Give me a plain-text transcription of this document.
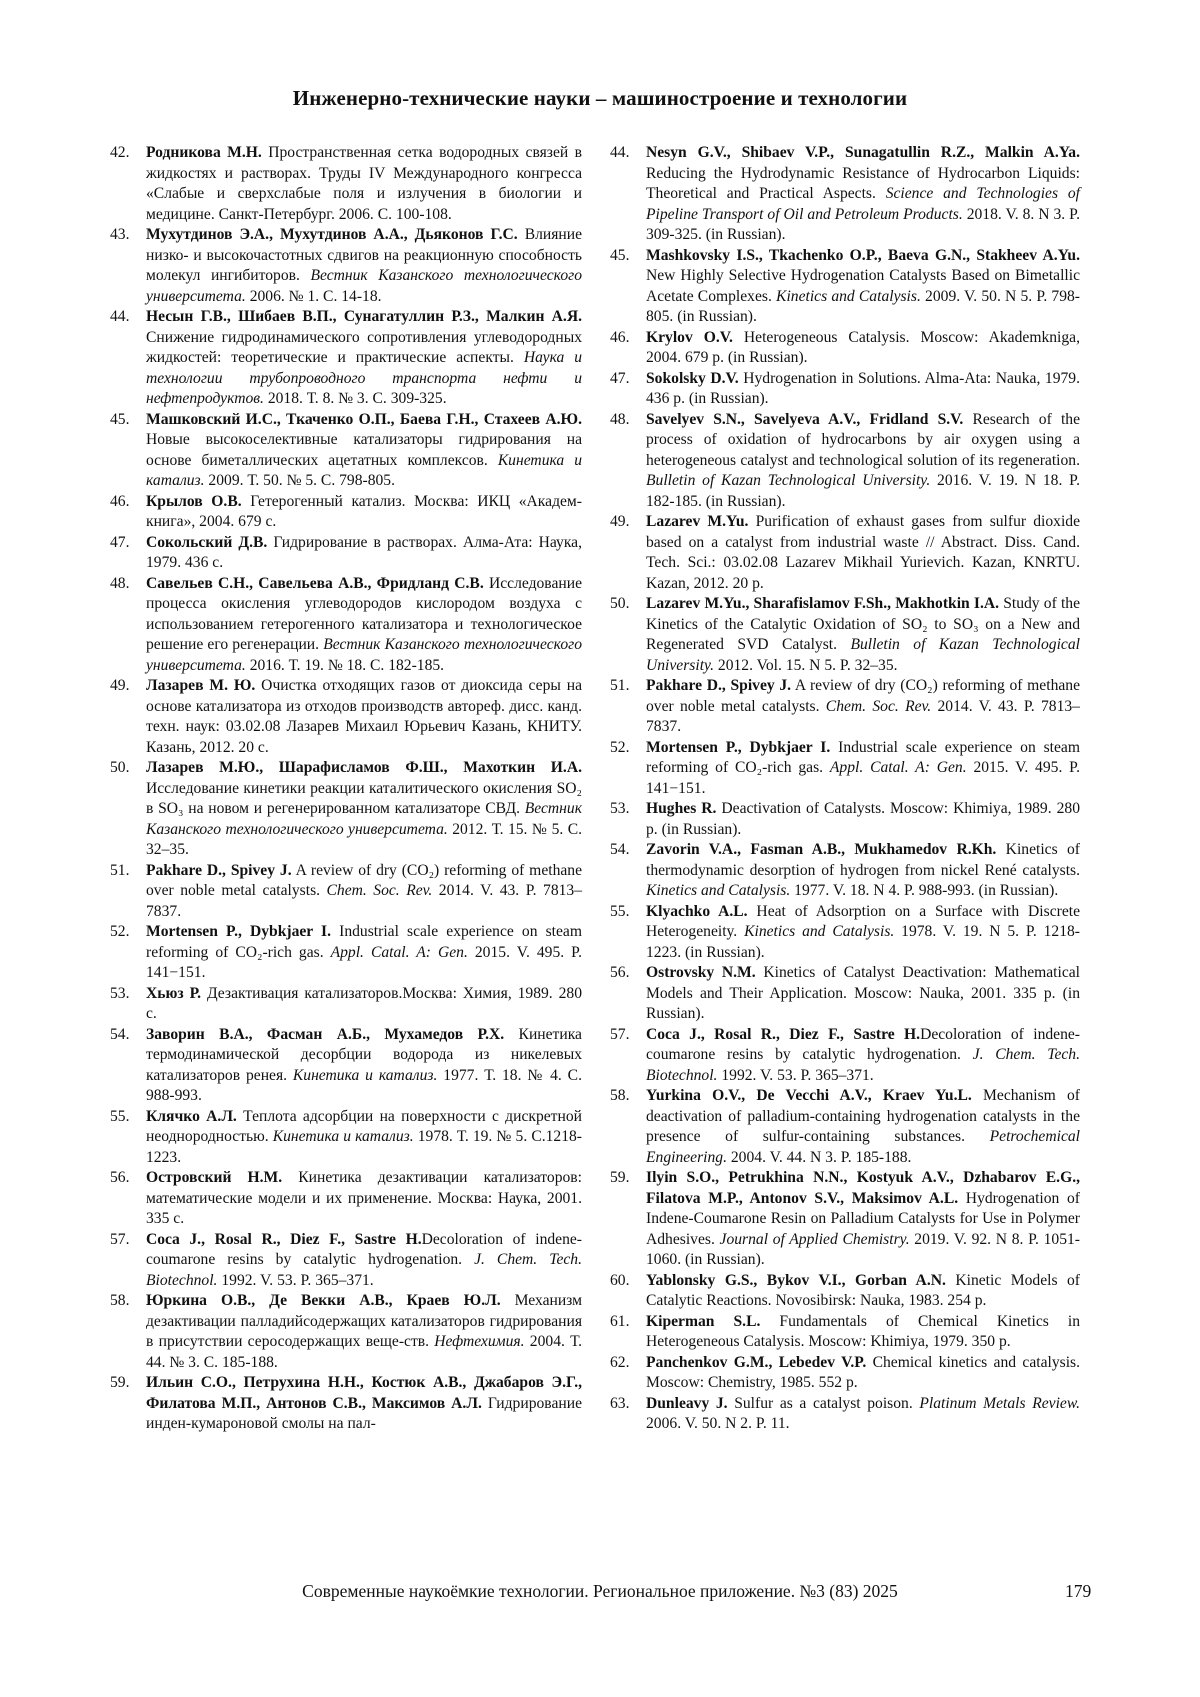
Инженерно-технические науки – машиностроение и технологии

42.	Родникова М.Н. Пространственная сетка водородных связей в жидкостях и растворах. Труды IV Международного конгресса «Слабые и сверхслабые поля и излучения в биологии и медицине. Санкт-Петербург. 2006. С. 100-108.

43.	Мухутдинов Э.А., Мухутдинов А.А., Дьяконов Г.С. Влияние низко- и высокочастотных сдвигов на реакционную способность молекул ингибиторов. Вестник Казанского технологического университета. 2006. № 1. С. 14-18.

44.	Несын Г.В., Шибаев В.П., Сунагатуллин Р.З., Малкин А.Я. Снижение гидродинамического сопротивления углеводородных жидкостей: теоретические и практические аспекты. Наука и технологии трубопроводного транспорта нефти и нефтепродуктов. 2018. Т. 8. № 3. С. 309-325.

45.	Машковский И.С., Ткаченко О.П., Баева Г.Н., Стахеев А.Ю. Новые высокоселективные катализаторы гидрирования на основе биметаллических ацетатных комплексов. Кинетика и катализ. 2009. Т. 50. № 5. С. 798-805.

46.	Крылов О.В. Гетерогенный катализ. Москва: ИКЦ «Академ-книга», 2004. 679 с.

47.	Сокольский Д.В. Гидрирование в растворах. Алма-Ата: Наука, 1979. 436 с.

48.	Савельев С.Н., Савельева А.В., Фридланд С.В. Исследование процесса окисления углеводородов кислородом воздуха с использованием гетерогенного катализатора и технологическое решение его регенерации. Вестник Казанского технологического университета. 2016. Т. 19. № 18. С. 182-185.

49.	Лазарев М. Ю. Очистка отходящих газов от диоксида серы на основе катализатора из отходов производств автореф. дисс. канд. техн. наук: 03.02.08 Лазарев Михаил Юрьевич Казань, КНИТУ. Казань, 2012. 20 с.

50.	Лазарев М.Ю., Шарафисламов Ф.Ш., Махоткин И.А. Исследование кинетики реакции каталитического окисления SO₂ в SO₃ на новом и регенерированном катализаторе СВД. Вестник Казанского технологического университета. 2012. Т. 15. № 5. С. 32–35.

51.	Pakhare D., Spivey J. A review of dry (CO₂) reforming of methane over noble metal catalysts. Chem. Soc. Rev. 2014. V. 43. P. 7813–7837.

52.	Mortensen P., Dybkjaer I. Industrial scale experience on steam reforming of CO₂-rich gas. Appl. Catal. A: Gen. 2015. V. 495. P. 141−151.

53.	Хьюз Р. Дезактивация катализаторов.Москва: Химия, 1989. 280 с.

54.	Заворин В.А., Фасман А.Б., Мухамедов Р.Х. Кинетика термодинамической десорбции водорода из никелевых катализаторов ренея. Кинетика и катализ. 1977. Т. 18. № 4. С. 988-993.

55.	Клячко А.Л. Теплота адсорбции на поверхности с дискретной неоднородностью. Кинетика и катализ. 1978. Т. 19. № 5. С.1218-1223.

56.	Островский Н.М. Кинетика дезактивации катализаторов: математические модели и их применение. Москва: Наука, 2001. 335 с.

57.	Coca J., Rosal R., Diez F., Sastre H.Decoloration of indene-coumarone resins by catalytic hydrogenation. J. Chem. Tech. Biotechnol. 1992. V. 53. P. 365–371.

58.	Юркина О.В., Де Векки А.В., Краев Ю.Л. Механизм дезактивации палладийсодержащих катализаторов гидрирования в присутствии серосодержащих веще-ств. Нефтехимия. 2004. Т. 44. № 3. С. 185-188.

59.	Ильин С.О., Петрухина Н.Н., Костюк А.В., Джабаров Э.Г., Филатова М.П., Антонов С.В., Максимов А.Л. Гидрирование инден-кумароновой смолы на пал-

44.	Nesyn G.V., Shibaev V.P., Sunagatullin R.Z., Malkin A.Ya. Reducing the Hydrodynamic Resistance of Hydrocarbon Liquids: Theoretical and Practical Aspects. Science and Technologies of Pipeline Transport of Oil and Petroleum Products. 2018. V. 8. N 3. P. 309-325. (in Russian).

45.	Mashkovsky I.S., Tkachenko O.P., Baeva G.N., Stakheev A.Yu. New Highly Selective Hydrogenation Catalysts Based on Bimetallic Acetate Complexes. Kinetics and Catalysis. 2009. V. 50. N 5. P. 798-805. (in Russian).

46.	Krylov O.V. Heterogeneous Catalysis. Moscow: Akademkniga, 2004. 679 p. (in Russian).

47.	Sokolsky D.V. Hydrogenation in Solutions. Alma-Ata: Nauka, 1979. 436 p. (in Russian).

48.	Savelyev S.N., Savelyeva A.V., Fridland S.V. Research of the process of oxidation of hydrocarbons by air oxygen using a heterogeneous catalyst and technological solution of its regeneration. Bulletin of Kazan Technological University. 2016. V. 19. N 18. P. 182-185. (in Russian).

49.	Lazarev M.Yu. Purification of exhaust gases from sulfur dioxide based on a catalyst from industrial waste // Abstract. Diss. Cand. Tech. Sci.: 03.02.08 Lazarev Mikhail Yurievich. Kazan, KNRTU. Kazan, 2012. 20 p.

50.	Lazarev M.Yu., Sharafislamov F.Sh., Makhotkin I.A. Study of the Kinetics of the Catalytic Oxidation of SO₂ to SO₃ on a New and Regenerated SVD Catalyst. Bulletin of Kazan Technological University. 2012. Vol. 15. N 5. P. 32–35.

51.	Pakhare D., Spivey J. A review of dry (CO₂) reforming of methane over noble metal catalysts. Chem. Soc. Rev. 2014. V. 43. P. 7813–7837.

52.	Mortensen P., Dybkjaer I. Industrial scale experience on steam reforming of CO₂-rich gas. Appl. Catal. A: Gen. 2015. V. 495. P. 141−151.

53.	Hughes R. Deactivation of Catalysts. Moscow: Khimiya, 1989. 280 p. (in Russian).

54.	Zavorin V.A., Fasman A.B., Mukhamedov R.Kh. Kinetics of thermodynamic desorption of hydrogen from nickel René catalysts. Kinetics and Catalysis. 1977. V. 18. N 4. P. 988-993. (in Russian).

55.	Klyachko A.L. Heat of Adsorption on a Surface with Discrete Heterogeneity. Kinetics and Catalysis. 1978. V. 19. N 5. P. 1218-1223. (in Russian).

56.	Ostrovsky N.M. Kinetics of Catalyst Deactivation: Mathematical Models and Their Application. Moscow: Nauka, 2001. 335 p. (in Russian).

57.	Coca J., Rosal R., Diez F., Sastre H.Decoloration of indene-coumarone resins by catalytic hydrogenation. J. Chem. Tech. Biotechnol. 1992. V. 53. P. 365–371.

58.	Yurkina O.V., De Vecchi A.V., Kraev Yu.L. Mechanism of deactivation of palladium-containing hydrogenation catalysts in the presence of sulfur-containing substances. Petrochemical Engineering. 2004. V. 44. N 3. P. 185-188.

59.	Ilyin S.O., Petrukhina N.N., Kostyuk A.V., Dzhabarov E.G., Filatova M.P., Antonov S.V., Maksimov A.L. Hydrogenation of Indene-Coumarone Resin on Palladium Catalysts for Use in Polymer Adhesives. Journal of Applied Chemistry. 2019. V. 92. N 8. P. 1051-1060. (in Russian).

60.	Yablonsky G.S., Bykov V.I., Gorban A.N. Kinetic Models of Catalytic Reactions. Novosibirsk: Nauka, 1983. 254 p.

61.	Kiperman S.L. Fundamentals of Chemical Kinetics in Heterogeneous Catalysis. Moscow: Khimiya, 1979. 350 p.

62.	Panchenkov G.M., Lebedev V.P. Chemical kinetics and catalysis. Moscow: Chemistry, 1985. 552 p.

63.	Dunleavy J. Sulfur as a catalyst poison. Platinum Metals Review. 2006. V. 50. N 2. P. 11.

Современные наукоёмкие технологии. Региональное приложение. №3 (83) 2025	179
